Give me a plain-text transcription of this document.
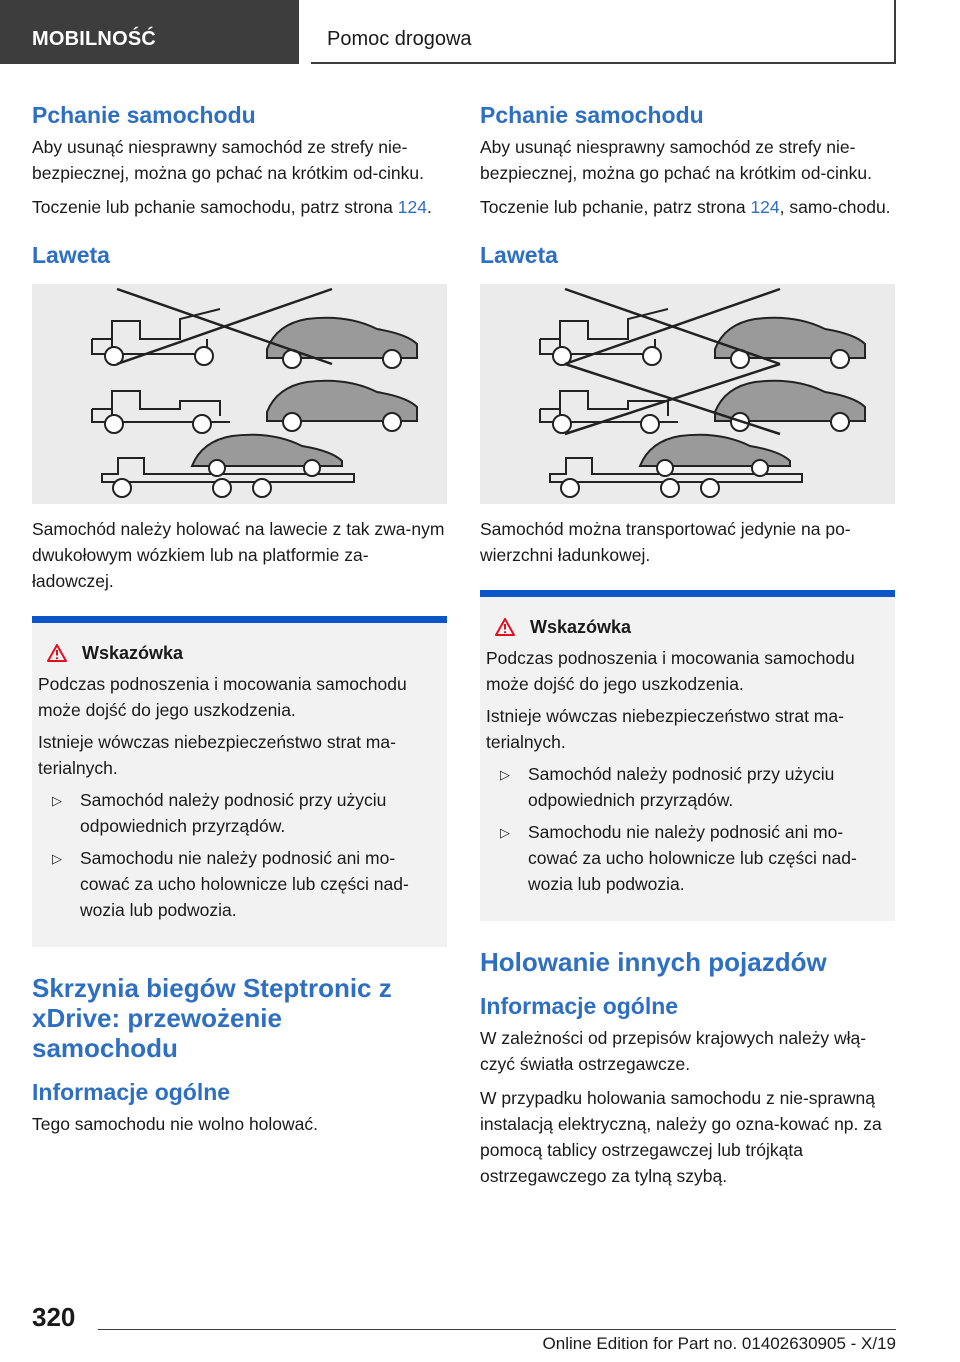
MOBILNOŚĆ	Pomoc drogowa
Pchanie samochodu
Aby usunąć niesprawny samochód ze strefy nie-bezpiecznej, można go pchać na krótkim od-cinku.
Toczenie lub pchanie samochodu, patrz strona 124.
Laweta
Samochód należy holować na lawecie z tak zwa-nym dwukołowym wózkiem lub na platformie za-ładowczej.
Wskazówka
Podczas podnoszenia i mocowania samochodu może dojść do jego uszkodzenia.
Istnieje wówczas niebezpieczeństwo strat ma-terialnych.
▷	Samochód należy podnosić przy użyciu odpowiednich przyrządów.
▷	Samochodu nie należy podnosić ani mo-cować za ucho holownicze lub części nad-wozia lub podwozia.
Skrzynia biegów Steptronic z xDrive: przewożenie samochodu
Informacje ogólne
Tego samochodu nie wolno holować.
Pchanie samochodu
Aby usunąć niesprawny samochód ze strefy nie-bezpiecznej, można go pchać na krótkim od-cinku.
Toczenie lub pchanie, patrz strona 124, samo-chodu.
Laweta
Samochód można transportować jedynie na po-wierzchni ładunkowej.
Wskazówka
Podczas podnoszenia i mocowania samochodu może dojść do jego uszkodzenia.
Istnieje wówczas niebezpieczeństwo strat ma-terialnych.
▷	Samochód należy podnosić przy użyciu odpowiednich przyrządów.
▷	Samochodu nie należy podnosić ani mo-cować za ucho holownicze lub części nad-wozia lub podwozia.
Holowanie innych pojazdów
Informacje ogólne
W zależności od przepisów krajowych należy włą-czyć światła ostrzegawcze.
W przypadku holowania samochodu z nie-sprawną instalacją elektryczną, należy go ozna-kować np. za pomocą tablicy ostrzegawczej lub trójkąta ostrzegawczego za tylną szybą.
320
Online Edition for Part no. 01402630905 - X/19
